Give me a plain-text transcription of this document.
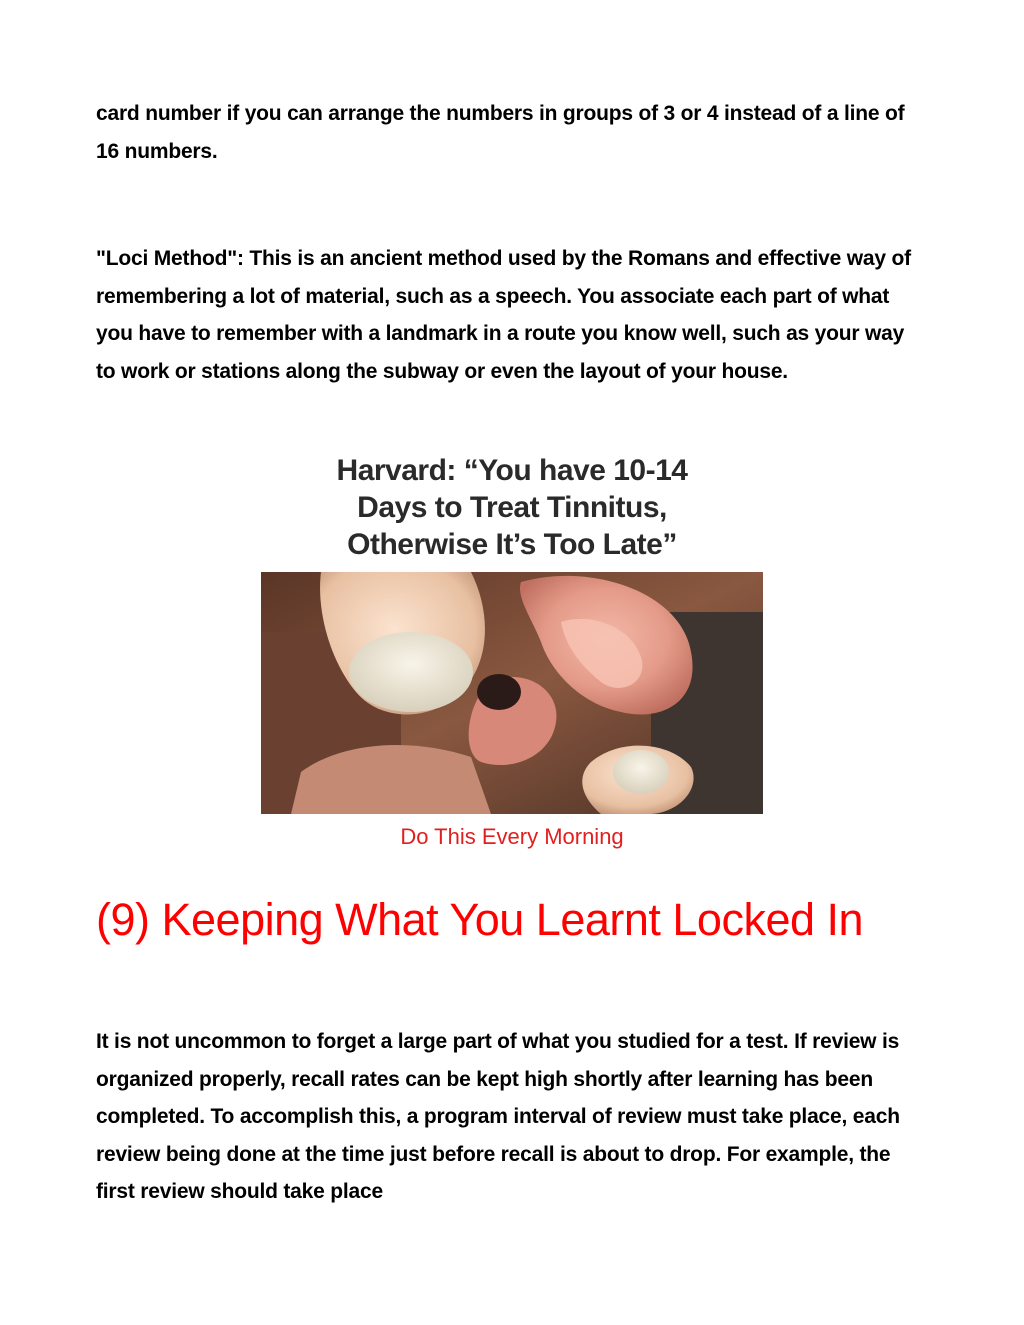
card number if you can arrange the numbers in groups of 3 or 4 instead of a line of 16 numbers.

"Loci Method": This is an ancient method used by the Romans and effective way of remembering a lot of material, such as a speech. You associate each part of what you have to remember with a landmark in a route you know well, such as your way to work or stations along the subway or even the layout of your house.

Harvard: “You have 10-14
Days to Treat Tinnitus,
Otherwise It’s Too Late”
Do This Every Morning
(9) Keeping What You Learnt Locked In

It is not uncommon to forget a large part of what you studied for a test. If review is organized properly, recall rates can be kept high shortly after learning has been completed. To accomplish this, a program interval of review must take place, each review being done at the time just before recall is about to drop. For example, the first review should take place
